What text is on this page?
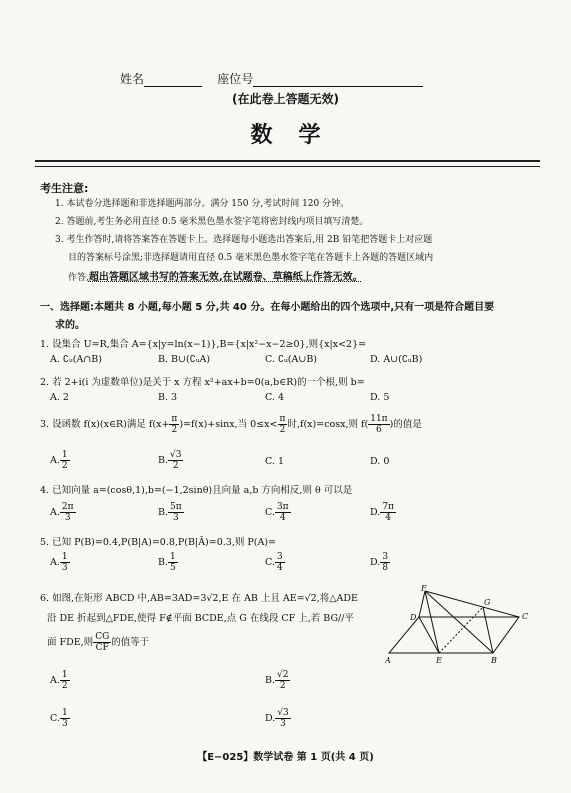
姓名	座位号
(在此卷上答题无效)
数学
考生注意:
1. 本试卷分选择题和非选择题两部分。满分 150 分,考试时间 120 分钟。
2. 答题前,考生务必用直径 0.5 毫米黑色墨水签字笔将密封线内项目填写清楚。
3. 考生作答时,请将答案答在答题卡上。选择题每小题选出答案后,用 2B 铅笔把答题卡上对应题
目的答案标号涂黑;非选择题请用直径 0.5 毫米黑色墨水签字笔在答题卡上各题的答题区域内
作答,超出答题区域书写的答案无效,在试题卷、草稿纸上作答无效。
一、选择题:本题共 8 小题,每小题 5 分,共 40 分。在每小题给出的四个选项中,只有一项是符合题目要
求的。
1. 设集合 U=R,集合 A={x|y=ln(x−1)},B={x|x²−x−2≥0},则{x|x<2}=
A. ∁ᵤ(A∩B)	B. B∪(∁ᵤA)	C. ∁ᵤ(A∪B)	D. A∪(∁ᵤB)
2. 若 2+i(i 为虚数单位)是关于 x 方程 x²+ax+b=0(a,b∈R)的一个根,则 b=
A. 2	B. 3	C. 4	D. 5
3. 设函数 f(x)(x∈R)满足 $f(x+ \frac{\pi}{2} )=f(x)+\sin x$,当 $0\le x< \frac{\pi}{2}$ 时,f(x)=cosx,则 $f( \frac{11\pi}{6}$ )的值是
A. $\frac{1}{2}$	B. $\frac{√3}{2}$	C. 1	D. 0
4. 已知向量 a=(cosθ,1),b=(−1,2sinθ)且向量 a,b 方向相反,则 θ 可以是
A. $\frac{2\pi}{3}$	B. $\frac{5\pi}{3}$	C. $\frac{3\pi}{4}$	D. $\frac{7\pi}{4}$
5. 已知 P(B)=0.4,P(B|A)=0.8,P(B|Ā)=0.3,则 P(A)=
A. $\frac{1}{3}$	B. $\frac{1}{5}$	C. $\frac{3}{4}$	D. $\frac{3}{8}$
6. 如图,在矩形 ABCD 中,AB=3AD=3√2,E 在 AB 上且 AE=√2,将△ADE
沿 DE 折起到△FDE,使得 F∉平面 BCDE,点 G 在线段 CF 上,若 BG//平
面 FDE,则 $\frac{CG}{CF}$ 的值等于
A. $\frac{1}{2}$	B. $\frac{√2}{2}$
C. $\frac{1}{3}$	D. $\frac{√3}{3}$
F
G
D	C
A	E	B
【E−025】数学试卷 第 1 页(共 4 页)
